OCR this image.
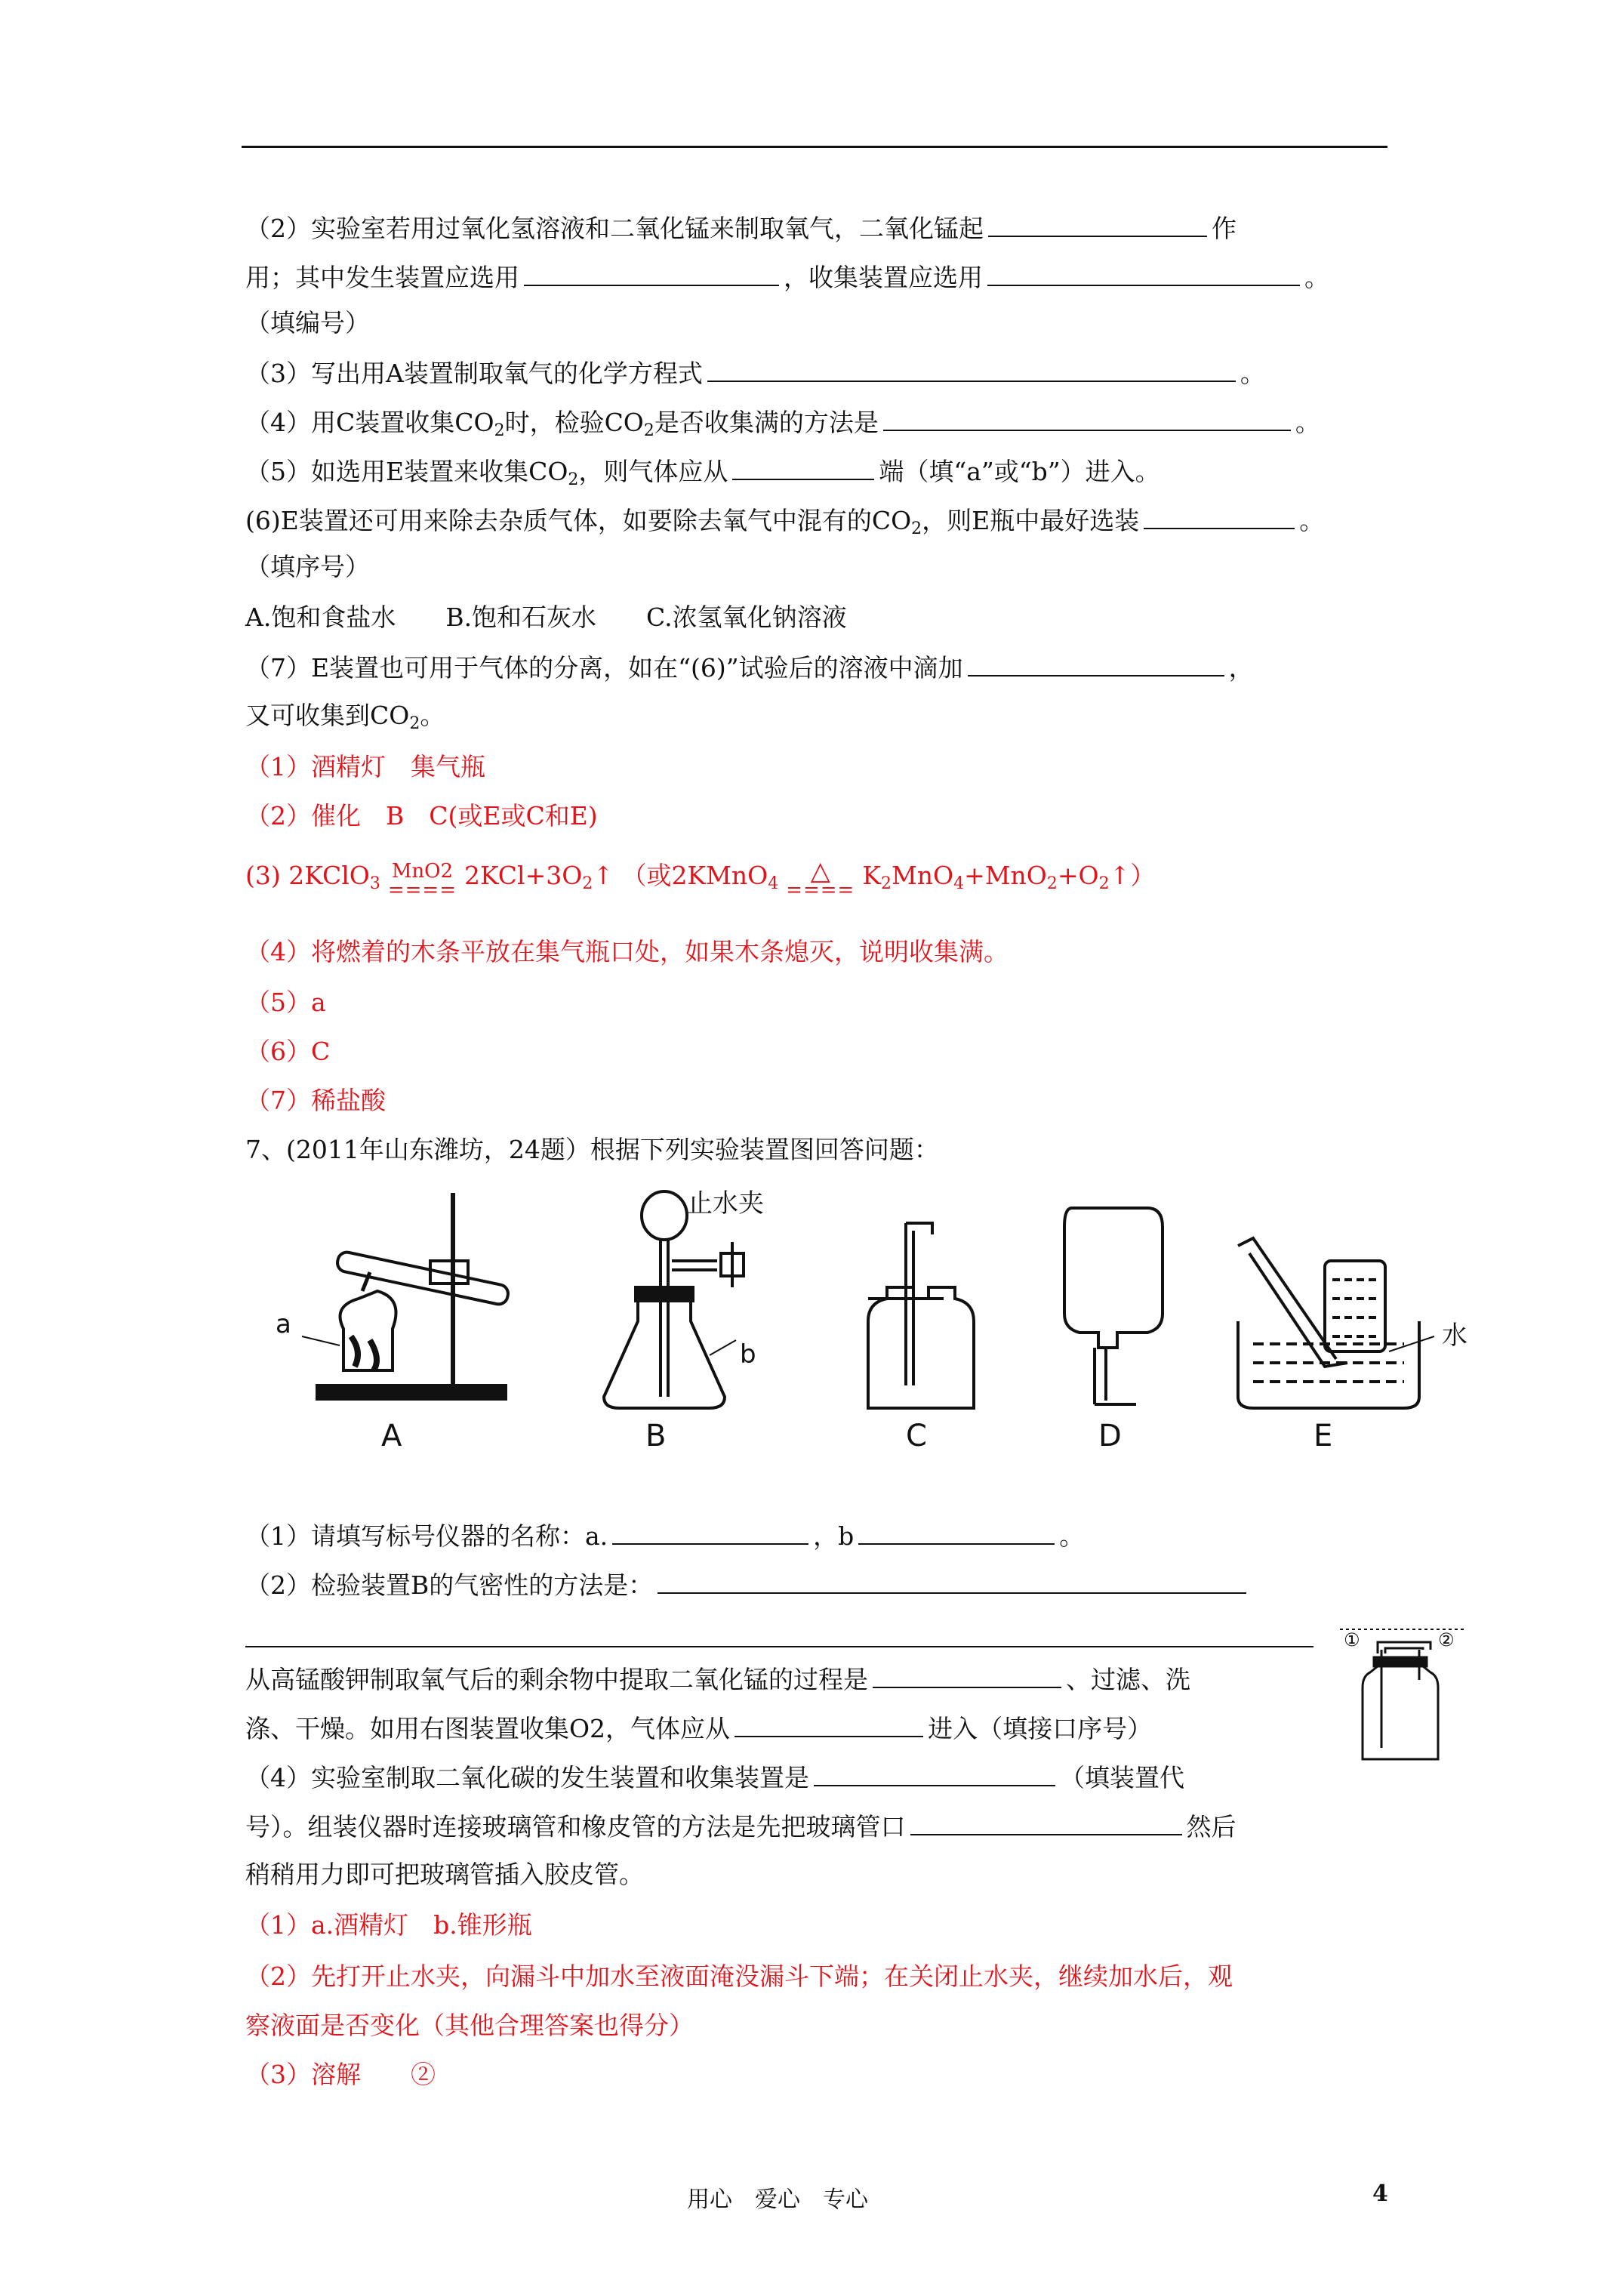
（2）实验室若用过氧化氢溶液和二氧化锰来制取氧气，二氧化锰起	作
用；其中发生装置应选用	，收集装置应选用	。
（填编号）
（3）写出用A装置制取氧气的化学方程式	。
（4）用C装置收集$CO_2$时，检验$CO_2$是否收集满的方法是	。
（5）如选用E装置来收集$CO_2$，则气体应从	端（填“a”或“b”）进入。
(6)E装置还可用来除去杂质气体，如要除去氧气中混有的$CO_2$，则E瓶中最好选装	。
（填序号）
A.饱和食盐水　　B.饱和石灰水　　C.浓氢氧化钠溶液
（7）E装置也可用于气体的分离，如在“(6)”试验后的溶液中滴加	，
又可收集到$CO_2$。
（1）酒精灯　集气瓶
（2）催化　B　C(或E或C和E)
(3) 2KClO$_3$
MnO2
==== $2KCl+3O_2↑$ （或2KMnO$_4$	△
==== $K_2MnO_4+MnO_2+O_2↑$）
（4）将燃着的木条平放在集气瓶口处，如果木条熄灭，说明收集满。
（5）a
（6）C
（7）稀盐酸
7、(2011年山东潍坊，24题）根据下列实验装置图回答问题：
a
止水夹
b
水
A	B	C	D	E
（1）请填写标号仪器的名称：a.	，b	。
（2）检验装置B的气密性的方法是：
①	②
从高锰酸钾制取氧气后的剩余物中提取二氧化锰的过程是	、过滤、洗
涤、干燥。如用右图装置收集O2，气体应从	进入（填接口序号）
（4）实验室制取二氧化碳的发生装置和收集装置是	（填装置代
号）。组装仪器时连接玻璃管和橡皮管的方法是先把玻璃管口	然后
稍稍用力即可把玻璃管插入胶皮管。
（1）a.酒精灯　b.锥形瓶
（2）先打开止水夹，向漏斗中加水至液面淹没漏斗下端；在关闭止水夹，继续加水后，观
察液面是否变化（其他合理答案也得分）
（3）溶解　　②
用心　爱心　专心	4
